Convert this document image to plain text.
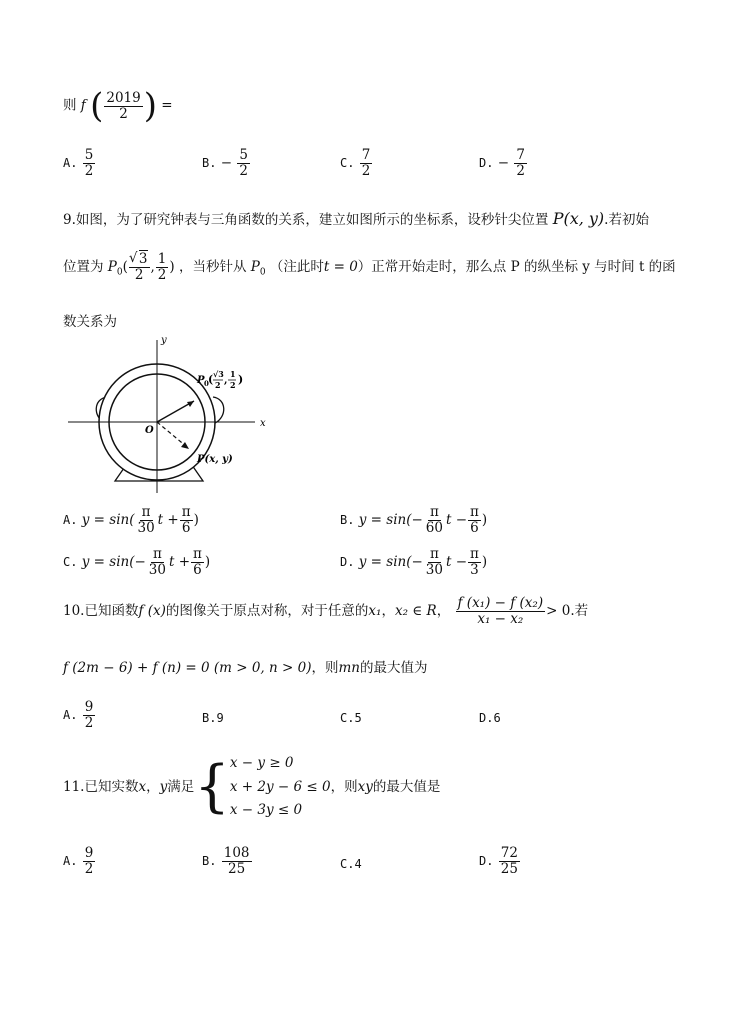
则 f ( $\frac{2019}{2}$ ) =
A. $\frac{5}{2}$	B. − $\frac{5}{2}$	C. $\frac{7}{2}$	D. − $\frac{7}{2}$
9.如图，为了研究钟表与三角函数的关系，建立如图所示的坐标系，设秒针尖位置 P(x, y).若初始
位置为 $P_0$(
√ $\frac{3}{2}$ , $\frac{1}{2}$ ) ，当秒针从 $P_0$ （注此时t = 0）正常开始走时，那么点 P 的纵坐标 y 与时间 t 的函
数关系为
x
y
O
P 0 ( √3
2 ,
1
2 )
P(x, y)
A. $y = \sin( \frac{\pi}{30}$ $t + \frac{\pi}{6}$ )	B. $y = \sin(- \frac{\pi}{60}$ $t - \frac{\pi}{6}$ )
C. $y = \sin(- \frac{\pi}{30}$ $t + \frac{\pi}{6}$ )	D. $y = \sin(- \frac{\pi}{30}$ $t - \frac{\pi}{3}$ )
10.已知函数f (x)的图像关于原点对称，对于任意的x₁，x₂ ∈ R， $\frac{\text{f (x₁) − f (x₂)}}{\text{x₁ − x₂}} > 0$.若
f (2m − 6) + f (n) = 0 (m > 0, n > 0)，则mn的最大值为
A. $\frac{9}{2}$	B.9	C.5	D.6
11.已知实数x，y满足{ x − y ≥ 0
x + 2y − 6 ≤ 0
x − 3y ≤ 0
，则xy的最大值是
A. $\frac{9}{2}$	B. $\frac{108}{25}$	C.4	D. $\frac{72}{25}$
